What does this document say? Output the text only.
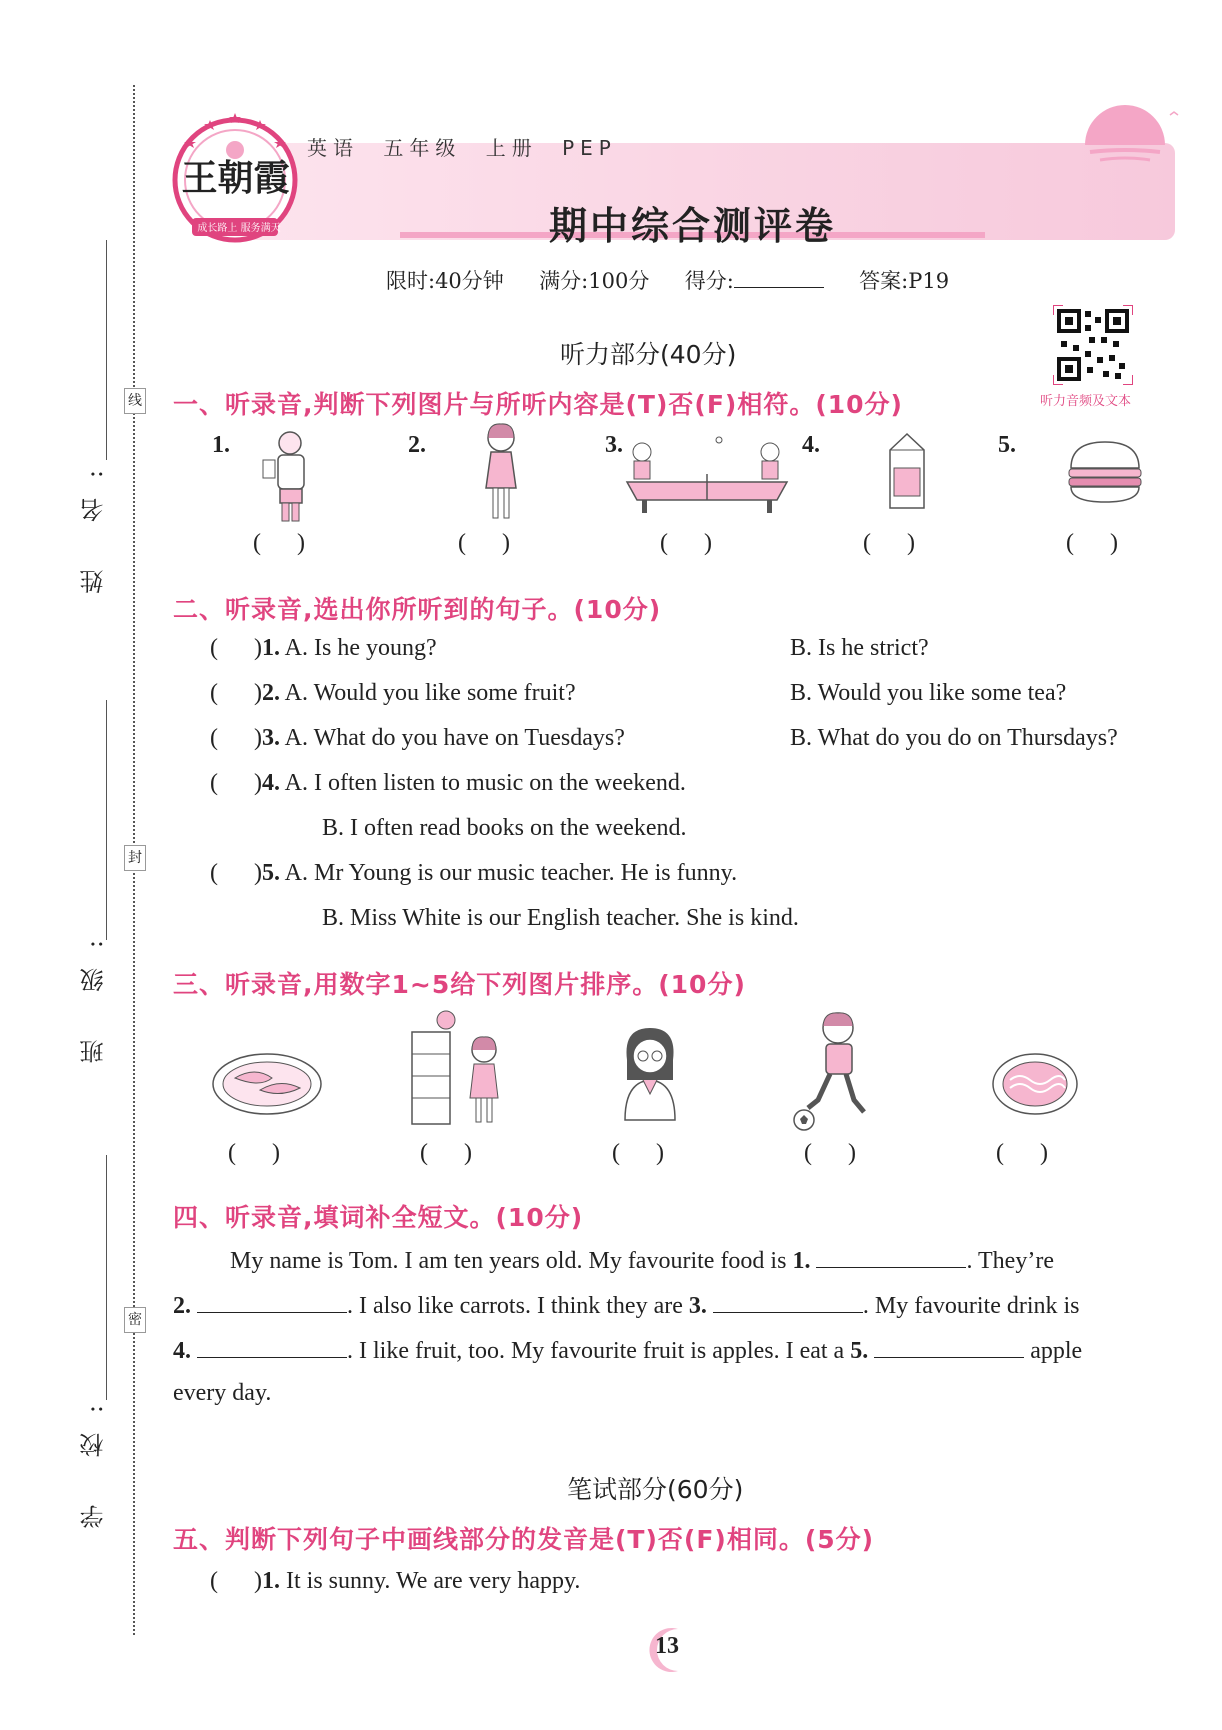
姓 名:
班 级:
学 校:
线
封
密
王朝霞
成长路上 服务满天
英语 五年级 上册 PEP
期中综合测评卷
限时:40分钟 满分:100分 得分:	答案:P19
听力音频及文本
听力部分(40分)
一、听录音,判断下列图片与所听内容是(T)否(F)相符。(10分)
1.	2.	3.	4.	5.
(      )	(      )	(      )	(      )	(      )
二、听录音,选出你所听到的句子。(10分)
(      )1. A. Is he young?	B. Is he strict?
(      )2. A. Would you like some fruit?	B. Would you like some tea?
(      )3. A. What do you have on Tuesdays?	B. What do you do on Thursdays?
(      )4. A. I often listen to music on the weekend.
B. I often read books on the weekend.
(      )5. A. Mr Young is our music teacher. He is funny.
B. Miss White is our English teacher. She is kind.
三、听录音,用数字1~5给下列图片排序。(10分)
(      )	(      )	(      )	(      )	(      )
四、听录音,填词补全短文。(10分)
My name is Tom. I am ten years old. My favourite food is 1.	. They’re
2.	. I also like carrots. I think they are 3.	. My favourite drink is
4.	. I like fruit, too. My favourite fruit is apples. I eat a 5.	apple
every day.
笔试部分(60分)
五、判断下列句子中画线部分的发音是(T)否(F)相同。(5分)
(      )1. It is sunny. We are very happy.
13
